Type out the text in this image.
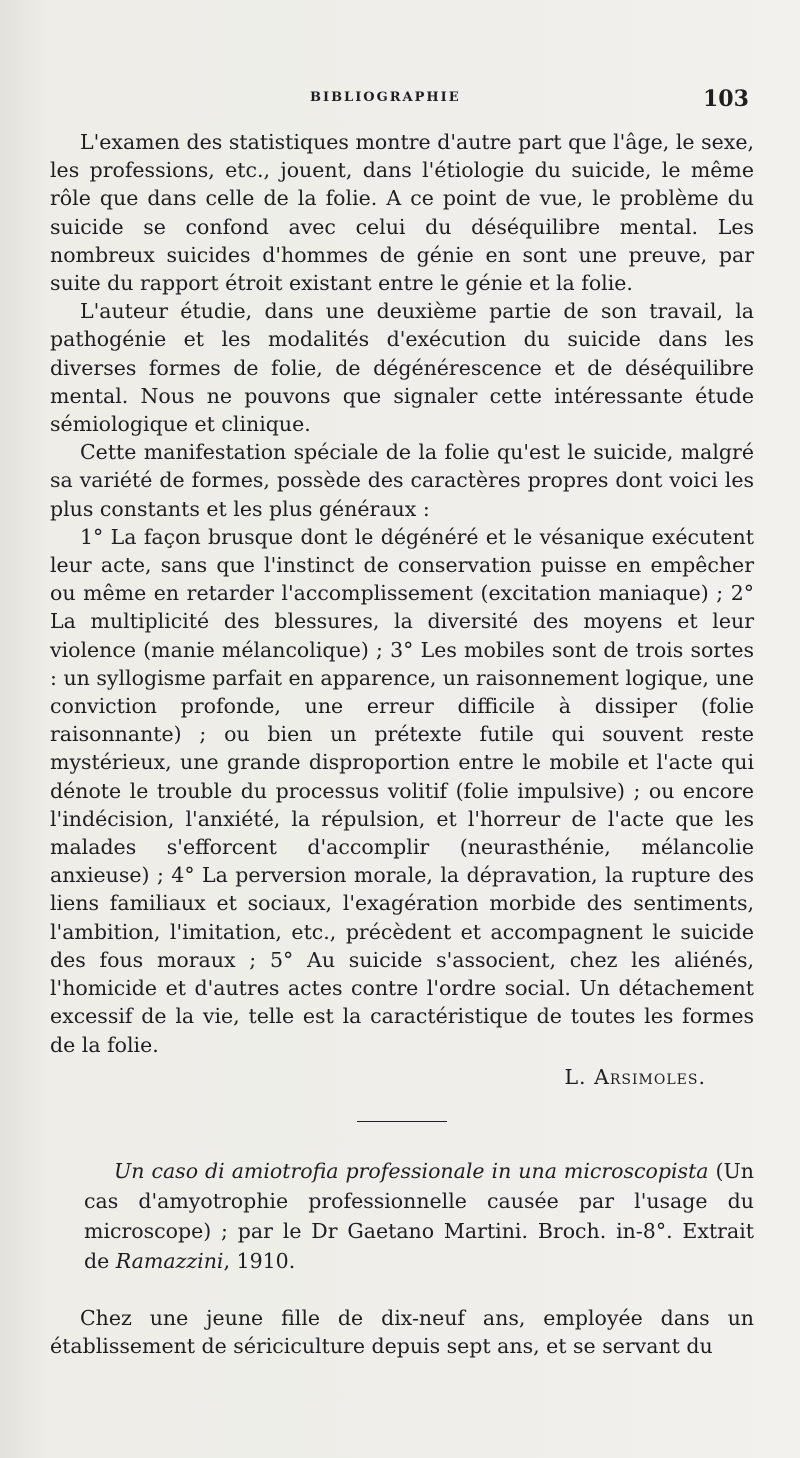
BIBLIOGRAPHIE	103

L'examen des statistiques montre d'autre part que l'âge, le sexe, les professions, etc., jouent, dans l'étiologie du suicide, le même rôle que dans celle de la folie. A ce point de vue, le problème du suicide se confond avec celui du déséquilibre mental. Les nombreux suicides d'hommes de génie en sont une preuve, par suite du rapport étroit existant entre le génie et la folie.

L'auteur étudie, dans une deuxième partie de son travail, la pathogénie et les modalités d'exécution du suicide dans les diverses formes de folie, de dégénérescence et de déséquilibre mental. Nous ne pouvons que signaler cette intéressante étude sémiologique et clinique.

Cette manifestation spéciale de la folie qu'est le suicide, malgré sa variété de formes, possède des caractères propres dont voici les plus constants et les plus généraux :

1° La façon brusque dont le dégénéré et le vésanique exécutent leur acte, sans que l'instinct de conservation puisse en empêcher ou même en retarder l'accomplissement (excitation maniaque) ; 2° La multiplicité des blessures, la diversité des moyens et leur violence (manie mélancolique) ; 3° Les mobiles sont de trois sortes : un syllogisme parfait en apparence, un raisonnement logique, une conviction profonde, une erreur difficile à dissiper (folie raisonnante) ; ou bien un prétexte futile qui souvent reste mystérieux, une grande disproportion entre le mobile et l'acte qui dénote le trouble du processus volitif (folie impulsive) ; ou encore l'indécision, l'anxiété, la répulsion, et l'horreur de l'acte que les malades s'efforcent d'accomplir (neurasthénie, mélancolie anxieuse) ; 4° La perversion morale, la dépravation, la rupture des liens familiaux et sociaux, l'exagération morbide des sentiments, l'ambition, l'imitation, etc., précèdent et accompagnent le suicide des fous moraux ; 5° Au suicide s'associent, chez les aliénés, l'homicide et d'autres actes contre l'ordre social. Un détachement excessif de la vie, telle est la caractéristique de toutes les formes de la folie.

L. Arsimoles.

Un caso di amiotrofia professionale in una microscopista (Un cas d'amyotrophie professionnelle causée par l'usage du microscope) ; par le Dr Gaetano Martini. Broch. in-8°. Extrait de Ramazzini, 1910.

Chez une jeune fille de dix-neuf ans, employée dans un établissement de sériciculture depuis sept ans, et se servant du
